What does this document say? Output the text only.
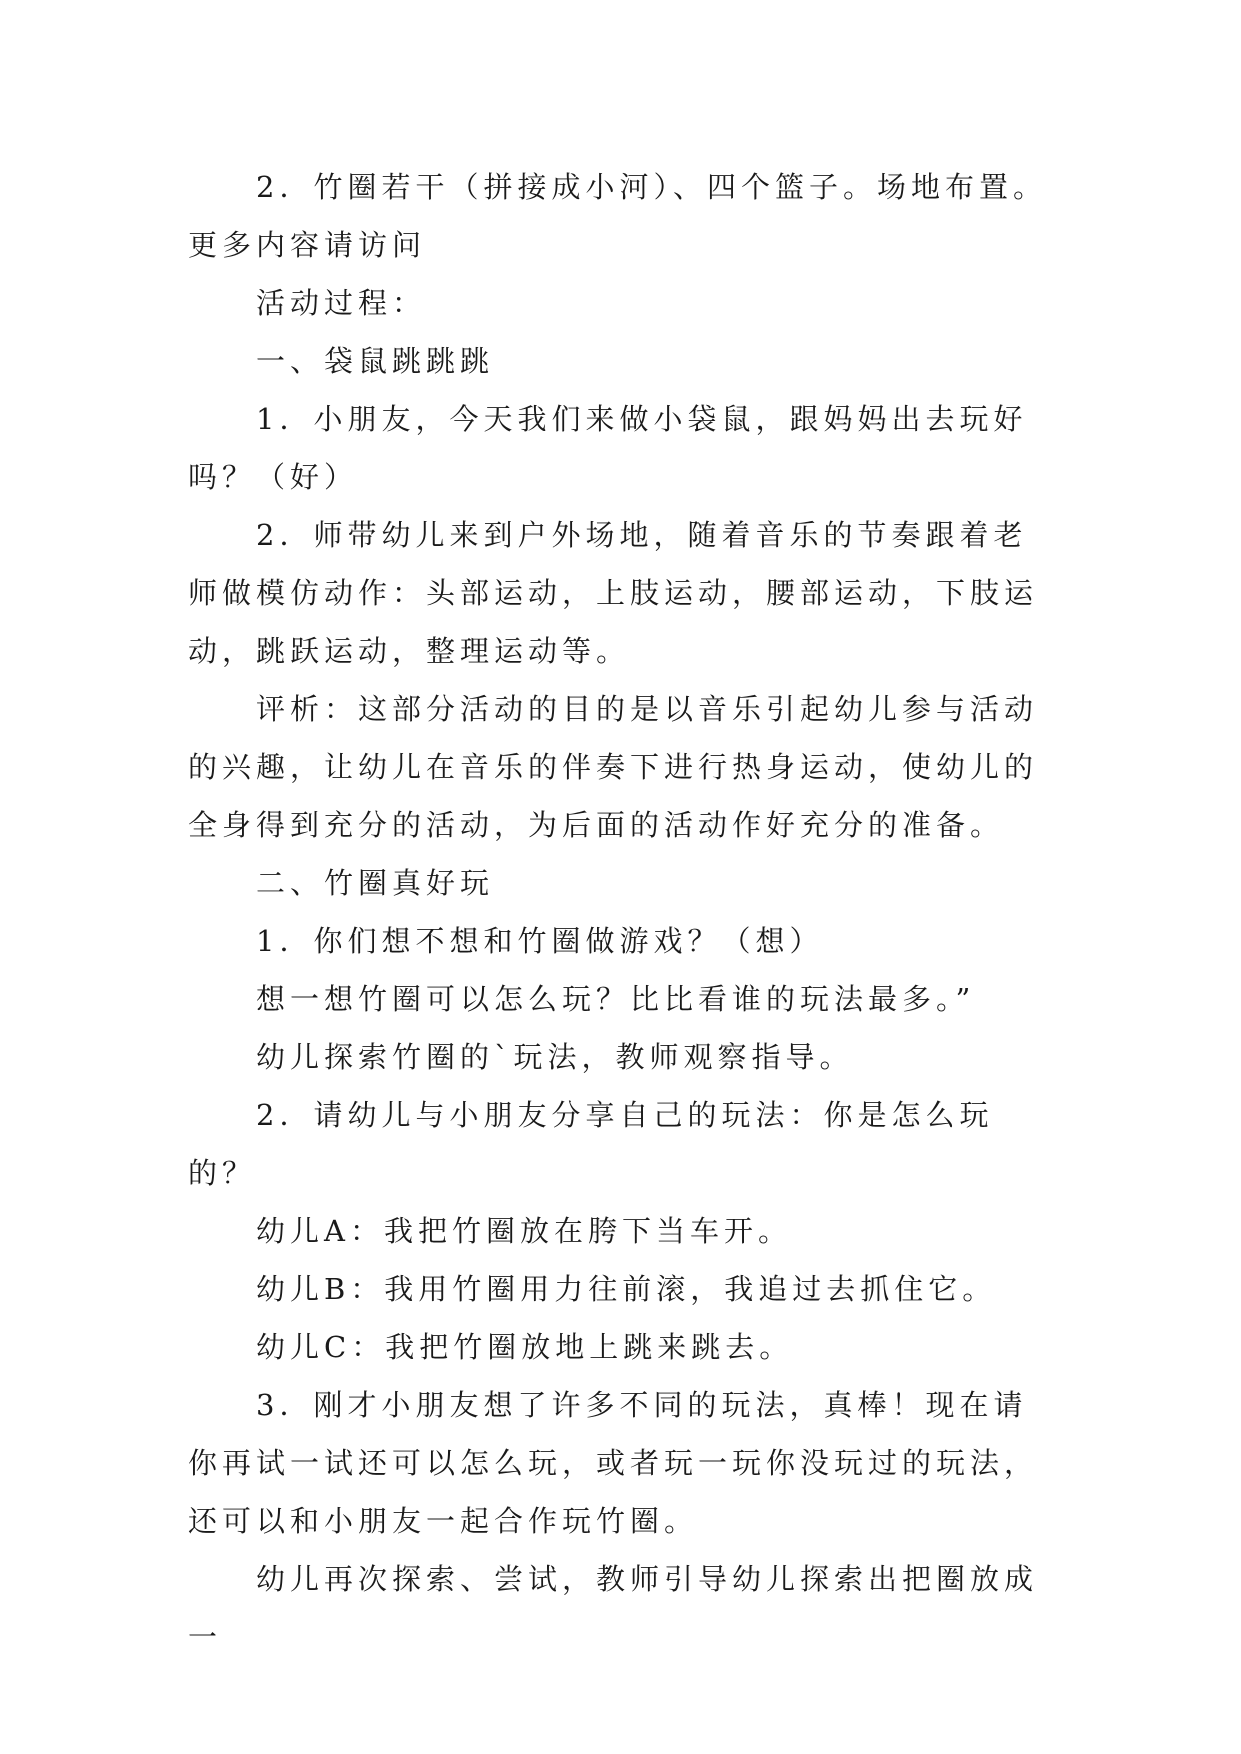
2．竹圈若干（拼接成小河）、四个篮子。场地布置。更多内容请访问

活动过程：

一、袋鼠跳跳跳

1．小朋友，今天我们来做小袋鼠，跟妈妈出去玩好吗？（好）

2．师带幼儿来到户外场地，随着音乐的节奏跟着老师做模仿动作：头部运动，上肢运动，腰部运动，下肢运动，跳跃运动，整理运动等。

评析：这部分活动的目的是以音乐引起幼儿参与活动的兴趣，让幼儿在音乐的伴奏下进行热身运动，使幼儿的全身得到充分的活动，为后面的活动作好充分的准备。

二、竹圈真好玩

1．你们想不想和竹圈做游戏？（想）

想一想竹圈可以怎么玩？比比看谁的玩法最多。”

幼儿探索竹圈的`玩法，教师观察指导。

2．请幼儿与小朋友分享自己的玩法：你是怎么玩的？

幼儿A：我把竹圈放在胯下当车开。

幼儿B：我用竹圈用力往前滚，我追过去抓住它。

幼儿C：我把竹圈放地上跳来跳去。

3．刚才小朋友想了许多不同的玩法，真棒！现在请你再试一试还可以怎么玩，或者玩一玩你没玩过的玩法，还可以和小朋友一起合作玩竹圈。

幼儿再次探索、尝试，教师引导幼儿探索出把圈放成一
